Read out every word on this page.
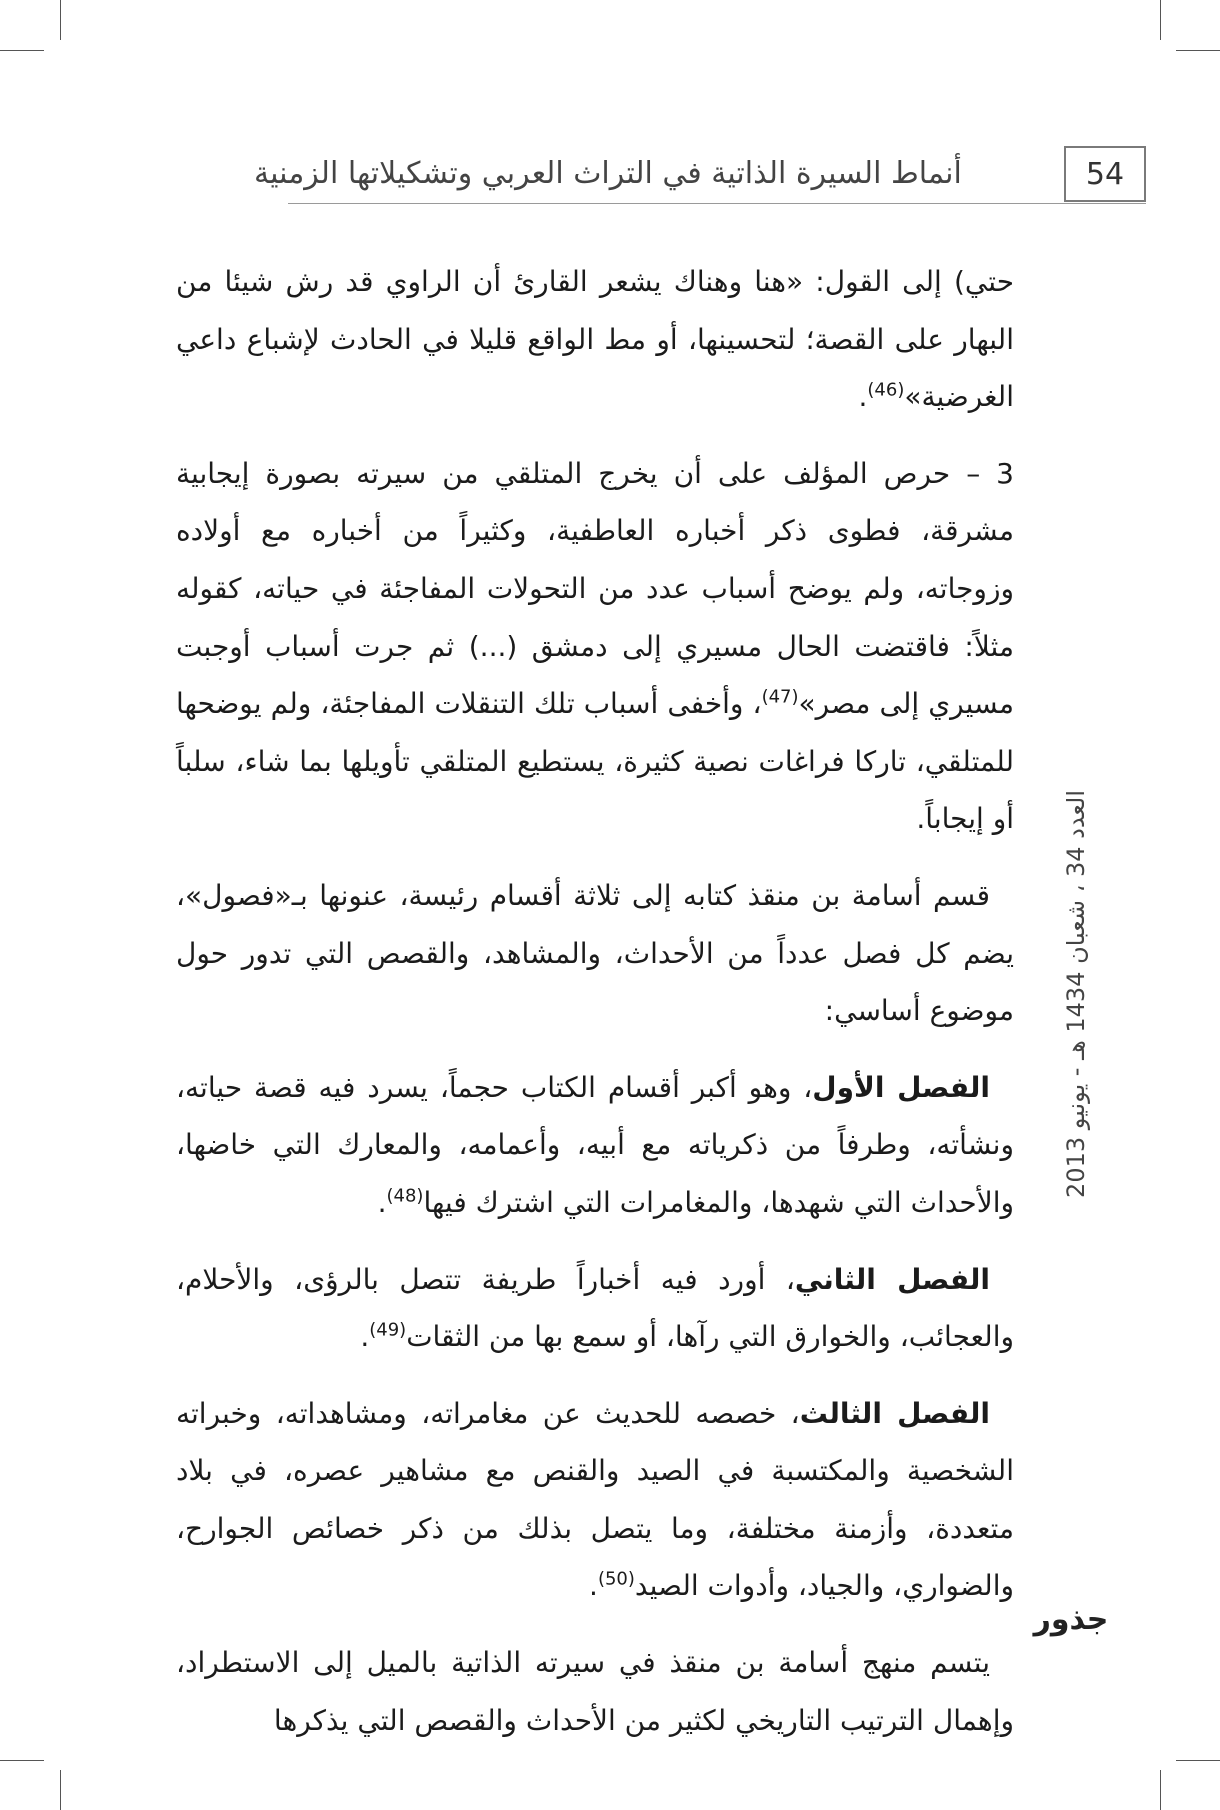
54
أنماط السيرة الذاتية في التراث العربي وتشكيلاتها الزمنية

حتي) إلى القول: «هنا وهناك يشعر القارئ أن الراوي قد رش شيئا من البهار على القصة؛ لتحسينها، أو مط الواقع قليلا في الحادث لإشباع داعي الغرضية»$^{(46)}$.

3 – حرص المؤلف على أن يخرج المتلقي من سيرته بصورة إيجابية مشرقة، فطوى ذكر أخباره العاطفية، وكثيراً من أخباره مع أولاده وزوجاته، ولم يوضح أسباب عدد من التحولات المفاجئة في حياته، كقوله مثلاً: فاقتضت الحال مسيري إلى دمشق (...) ثم جرت أسباب أوجبت مسيري إلى مصر»$^{(47)}$، وأخفى أسباب تلك التنقلات المفاجئة، ولم يوضحها للمتلقي، تاركا فراغات نصية كثيرة، يستطيع المتلقي تأويلها بما شاء، سلباً أو إيجاباً.

قسم أسامة بن منقذ كتابه إلى ثلاثة أقسام رئيسة، عنونها بـ«فصول»، يضم كل فصل عدداً من الأحداث، والمشاهد، والقصص التي تدور حول موضوع أساسي:

الفصل الأول، وهو أكبر أقسام الكتاب حجماً، يسرد فيه قصة حياته، ونشأته، وطرفاً من ذكرياته مع أبيه، وأعمامه، والمعارك التي خاضها، والأحداث التي شهدها، والمغامرات التي اشترك فيها$^{(48)}$.

الفصل الثاني، أورد فيه أخباراً طريفة تتصل بالرؤى، والأحلام، والعجائب، والخوارق التي رآها، أو سمع بها من الثقات$^{(49)}$.

الفصل الثالث، خصصه للحديث عن مغامراته، ومشاهداته، وخبراته الشخصية والمكتسبة في الصيد والقنص مع مشاهير عصره، في بلاد متعددة، وأزمنة مختلفة، وما يتصل بذلك من ذكر خصائص الجوارح، والضواري، والجياد، وأدوات الصيد$^{(50)}$.

يتسم منهج أسامة بن منقذ في سيرته الذاتية بالميل إلى الاستطراد، وإهمال الترتيب التاريخي لكثير من الأحداث والقصص التي يذكرها

العدد 34 ، شعبان 1434 هـ - يونيو 2013
جذور
